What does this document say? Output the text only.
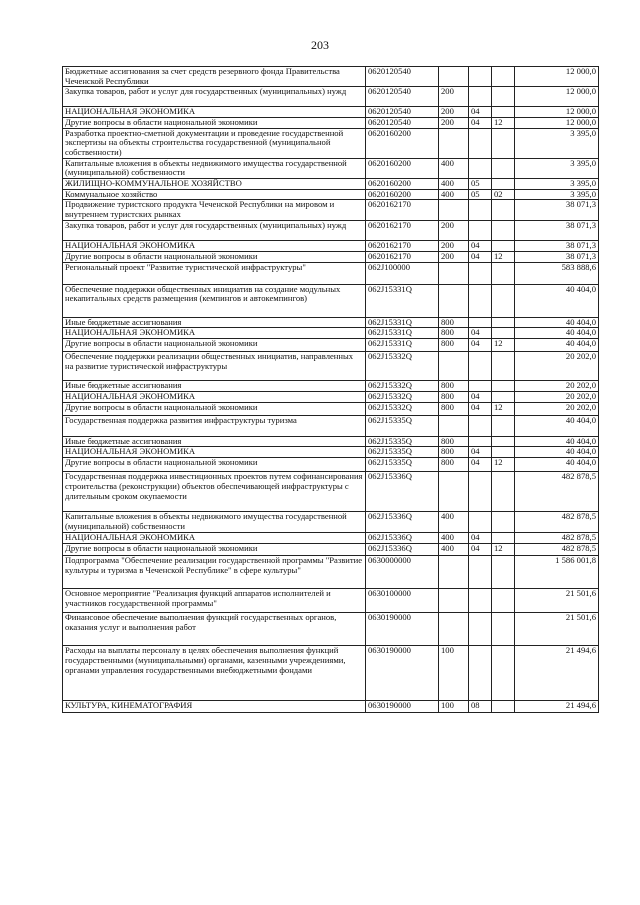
203
Бюджетные ассигнования за счет средств резервного фонда Правительства Чеченской Республики	0620120540				12 000,0
Закупка товаров, работ и услуг для государственных (муниципальных) нужд	0620120540	200			12 000,0
НАЦИОНАЛЬНАЯ ЭКОНОМИКА	0620120540	200	04		12 000,0
Другие вопросы в области национальной экономики	0620120540	200	04	12	12 000,0
Разработка проектно-сметной документации и проведение государственной экспертизы на объекты строительства государственной (муниципальной собственности)	0620160200				3 395,0
Капитальные вложения в объекты недвижимого имущества государственной (муниципальной) собственности	0620160200	400			3 395,0
ЖИЛИЩНО-КОММУНАЛЬНОЕ ХОЗЯЙСТВО	0620160200	400	05		3 395,0
Коммунальное хозяйство	0620160200	400	05	02	3 395,0
Продвижение туристского продукта Чеченской Республики на мировом и внутреннем туристских рынках	0620162170				38 071,3
Закупка товаров, работ и услуг для государственных (муниципальных) нужд	0620162170	200			38 071,3
НАЦИОНАЛЬНАЯ ЭКОНОМИКА	0620162170	200	04		38 071,3
Другие вопросы в области национальной экономики	0620162170	200	04	12	38 071,3
Региональный проект "Развитие туристической инфраструктуры"	062J100000				583 888,6
Обеспечение поддержки общественных инициатив на создание модульных некапитальных средств размещения (кемпингов и автокемпингов)	062J15331Q				40 404,0
Иные бюджетные ассигнования	062J15331Q	800			40 404,0
НАЦИОНАЛЬНАЯ ЭКОНОМИКА	062J15331Q	800	04		40 404,0
Другие вопросы в области национальной экономики	062J15331Q	800	04	12	40 404,0
Обеспечение поддержки реализации общественных инициатив, направленных на развитие туристической инфраструктуры	062J15332Q				20 202,0
Иные бюджетные ассигнования	062J15332Q	800			20 202,0
НАЦИОНАЛЬНАЯ ЭКОНОМИКА	062J15332Q	800	04		20 202,0
Другие вопросы в области национальной экономики	062J15332Q	800	04	12	20 202,0
Государственная поддержка развития инфраструктуры туризма	062J15335Q				40 404,0
Иные бюджетные ассигнования	062J15335Q	800			40 404,0
НАЦИОНАЛЬНАЯ ЭКОНОМИКА	062J15335Q	800	04		40 404,0
Другие вопросы в области национальной экономики	062J15335Q	800	04	12	40 404,0
Государственная поддержка инвестиционных проектов путем софинансирования строительства (реконструкции) объектов обеспечивающей инфраструктуры с длительным сроком окупаемости	062J15336Q				482 878,5
Капитальные вложения в объекты недвижимого имущества государственной (муниципальной) собственности	062J15336Q	400			482 878,5
НАЦИОНАЛЬНАЯ ЭКОНОМИКА	062J15336Q	400	04		482 878,5
Другие вопросы в области национальной экономики	062J15336Q	400	04	12	482 878,5
Подпрограмма "Обеспечение реализации государственной программы "Развитие культуры и туризма в Чеченской Республике" в сфере культуры"	0630000000				1 586 001,8
Основное мероприятие "Реализация функций аппаратов исполнителей и участников государственной программы"	0630100000				21 501,6
Финансовое обеспечение выполнения функций государственных органов, оказания услуг и выполнения работ	0630190000				21 501,6
Расходы на выплаты персоналу в целях обеспечения выполнения функций государственными (муниципальными) органами, казенными учреждениями, органами управления государственными внебюджетными фондами	0630190000	100			21 494,6
КУЛЬТУРА, КИНЕМАТОГРАФИЯ	0630190000	100	08		21 494,6
